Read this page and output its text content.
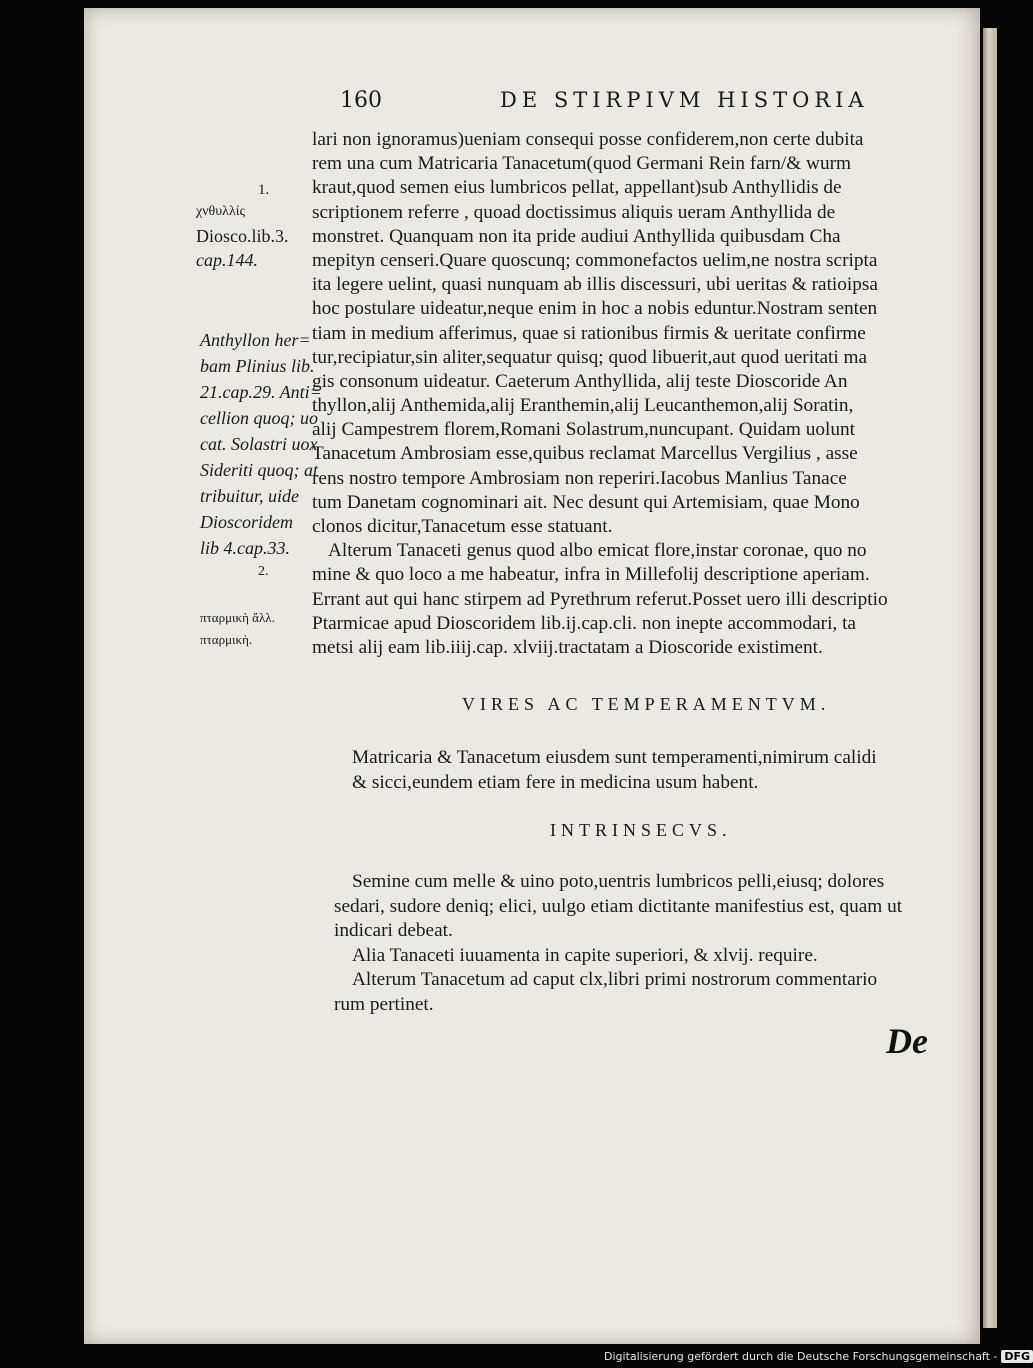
160	DE STIRPIVM HISTORIA
lari non ignoramus)ueniam consequi posse confiderem,non certe dubita
rem una cum Matricaria Tanacetum(quod Germani Rein farn/& wurm
kraut,quod semen eius lumbricos pellat, appellant)sub Anthyllidis de
scriptionem referre , quoad doctissimus aliquis ueram Anthyllida de
monstret. Quanquam non ita pride audiui Anthyllida quibusdam Cha
mepityn censeri.Quare quoscunq; commonefactos uelim,ne nostra scripta
ita legere uelint, quasi nunquam ab illis discessuri, ubi ueritas & ratioipsa
hoc postulare uideatur,neque enim in hoc a nobis eduntur.Nostram senten
tiam in medium afferimus, quae si rationibus firmis & ueritate confirme
tur,recipiatur,sin aliter,sequatur quisq; quod libuerit,aut quod ueritati ma
gis consonum uideatur. Caeterum Anthyllida, alij teste Dioscoride An
thyllon,alij Anthemida,alij Eranthemin,alij Leucanthemon,alij Soratin,
alij Campestrem florem,Romani Solastrum,nuncupant. Quidam uolunt
Tanacetum Ambrosiam esse,quibus reclamat Marcellus Vergilius , asse
rens nostro tempore Ambrosiam non reperiri.Iacobus Manlius Tanace
tum Danetam cognominari ait. Nec desunt qui Artemisiam, quae Mono
clonos dicitur,Tanacetum esse statuant.
Alterum Tanaceti genus quod albo emicat flore,instar coronae, quo no
mine & quo loco a me habeatur, infra in Millefolij descriptione aperiam.
Errant aut qui hanc stirpem ad Pyrethrum referut.Posset uero illi descriptio
Ptarmicae apud Dioscoridem lib.ij.cap.cli. non inepte accommodari, ta
metsi alij eam lib.iiij.cap. xlviij.tractatam a Dioscoride existiment.
1.
χνθυλλίς
Diosco.lib.3.
cap.144.
Anthyllon her=
bam Plinius lib.
21.cap.29. Anti=
cellion quoq; uo
cat. Solastri uox
Sideriti quoq; at
tribuitur, uide
Dioscoridem
lib 4.cap.33.
2.
πταρμικὴ ἄλλ.
πταρμικὴ.
VIRES AC TEMPERAMENTVM.
Matricaria & Tanacetum eiusdem sunt temperamenti,nimirum calidi
& sicci,eundem etiam fere in medicina usum habent.
INTRINSECVS.
Semine cum melle & uino poto,uentris lumbricos pelli,eiusq; dolores
sedari, sudore deniq; elici, uulgo etiam dictitante manifestius est, quam ut
indicari debeat.
Alia Tanaceti iuuamenta in capite superiori, & xlvij. require.
Alterum Tanacetum ad caput clx,libri primi nostrorum commentario
rum pertinet.
De
Digitalisierung gefördert durch die Deutsche Forschungsgemeinschaft - DFG
